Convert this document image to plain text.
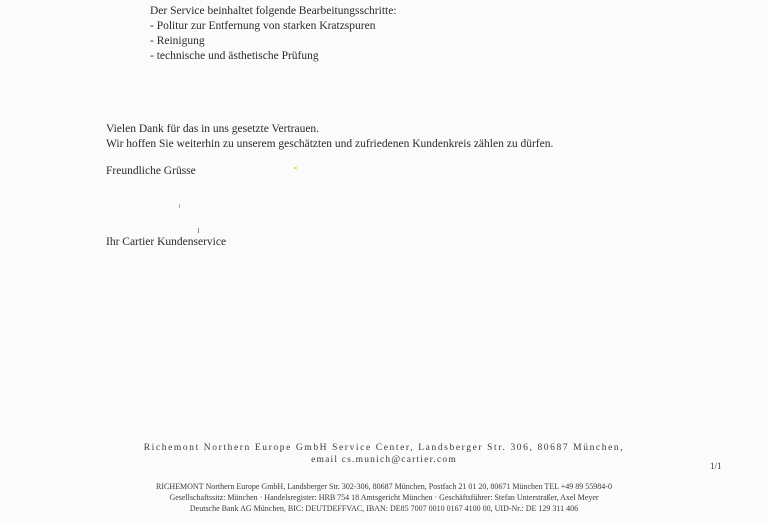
Der Service beinhaltet folgende Bearbeitungsschritte:
- Politur zur Entfernung von starken Kratzspuren
- Reinigung
- technische und ästhetische Prüfung
Vielen Dank für das in uns gesetzte Vertrauen.
Wir hoffen Sie weiterhin zu unserem geschätzten und zufriedenen Kundenkreis zählen zu dürfen.
Freundliche Grüsse
Ihr Cartier Kundenservice
Richemont Northern Europe GmbH Service Center, Landsberger Str. 306, 80687 München,
email cs.munich@cartier.com
1/1
RICHEMONT Northern Europe GmbH, Landsberger Str. 302-306, 80687 München, Postfach 21 01 20, 80671 München TEL +49 89 55984-0
Gesellschaftssitz: München · Handelsregister: HRB 754 18 Amtsgericht München · Geschäftsführer: Stefan Unterstraßer, Axel Meyer
Deutsche Bank AG München, BIC: DEUTDEFFVAC, IBAN: DE85 7007 0010 0167 4100 00, UID-Nr.: DE 129 311 406
